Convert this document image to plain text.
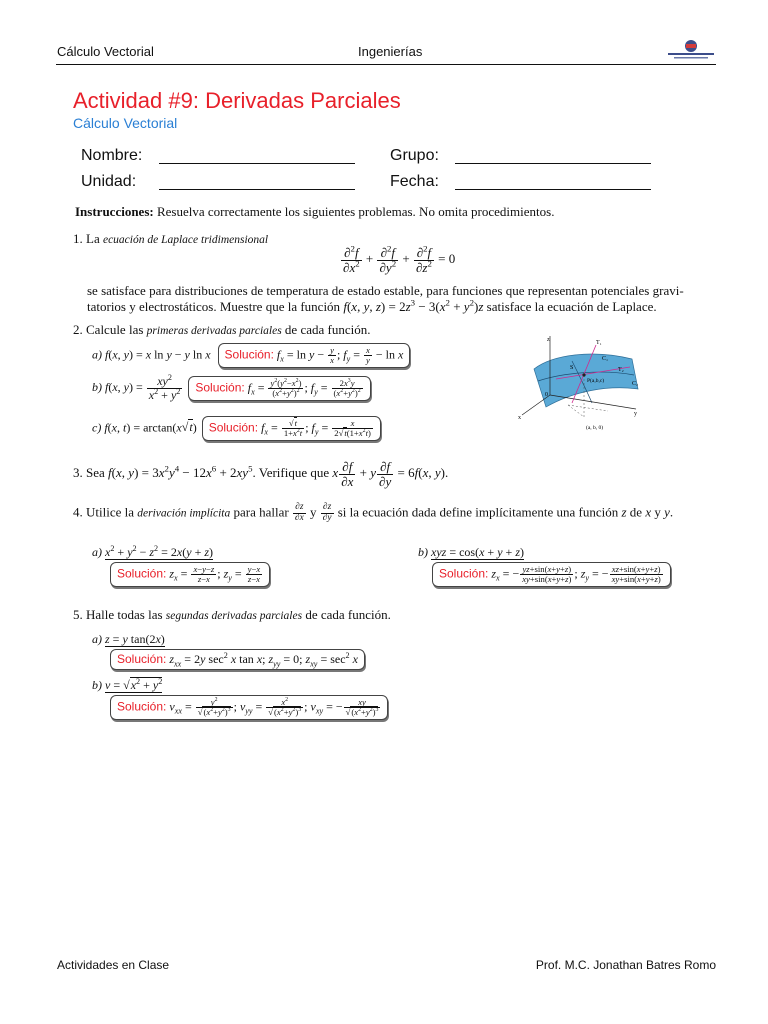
Cálculo Vectorial	Ingenierías
Actividad #9: Derivadas Parciales
Cálculo Vectorial
Nombre:	Grupo:
Unidad:	Fecha:
Instrucciones: Resuelva correctamente los siguientes problemas. No omita procedimientos.
1. La ecuación de Laplace tridimensional
$\frac{\partial^2f}{\partial x^2} + \frac{\partial^2f}{\partial y^2} + \frac{\partial^2f}{\partial z^2} = 0$
se satisface para distribuciones de temperatura de estado estable, para funciones que representan potenciales gravi-
tatorios y electrostáticos. Muestre que la función f(x, y, $z) = 2z^3 - 3(x^2 + y^2)z$ satisface la ecuación de Laplace.
2. Calcule las primeras derivadas parciales de cada función.
a) f(x, y) = x ln y − y ln x Solución: $f_x = \ln y - \frac{y}{x}$ ; $f_y = \frac{x}{y} - \ln x$
b) f(x, $y) = \frac{xy^2}{x^2 + y^2}$ Solución: $f_x = \frac{y^2(y^2-x^2)}{(x^2+y^2)^2}$ ; $f_y = \frac{2x^3y}{(x^2+y^2)^2}$
c) f(x, t) = arctan(x √ t) Solución: $f_x$ = √ $\frac{t}{1+x^2t}$ ; $f_y = \frac{x}{2 √ t(1+x^2t)}$
z	T₁
C₁
S	T₂
P(a,b,c)	C₂
0
x
y
(a, b, 0)
3. Sea f(x, $y) = 3x^2y^4 - 12x^6 + 2xy^5$. Verifique que x $\frac{\partial f}{\partial x} + y \frac{\partial f}{\partial y} = 6f(x$, y).
4. Utilice la derivación implícita para hallar $\frac{\partial z}{\partial x}$ y $\frac{\partial z}{\partial y}$ si la ecuación dada define implícitamente una función z de x y y.
a) $x^2 + y^2 - z^2 = 2x(y + z)$
Solución: $z_x = \frac{x-y-z}{z-x}$ ; $z_y = \frac{y-x}{z-x}$
b) xyz = cos(x + y + z)
Solución: $z_x$ = − $\frac{yz+\sin(x+y+z)}{xy+\sin(x+y+z)}$ ; $z_y$ = − $\frac{xz+\sin(x+y+z)}{xy+\sin(x+y+z)}$
5. Halle todas las segundas derivadas parciales de cada función.
a) z = y tan(2x)
Solución: $z_{xx} = 2y$ $\sec^2 x$ tan x; $z_{yy} = 0$; $z_{xy} = \sec^2 x$
b) v = √ $x^2 + y^2$
Solución: $v_{xx} = y^2$
√ $(x^2+y^2)^3$ ; $v_{yy} = x^2$
√ $(x^2+y^2)^3$ ; $v_{xy}$ = − xy
√ $(x^2+y^2)^3$
Actividades en Clase	Prof. M.C. Jonathan Batres Romo
